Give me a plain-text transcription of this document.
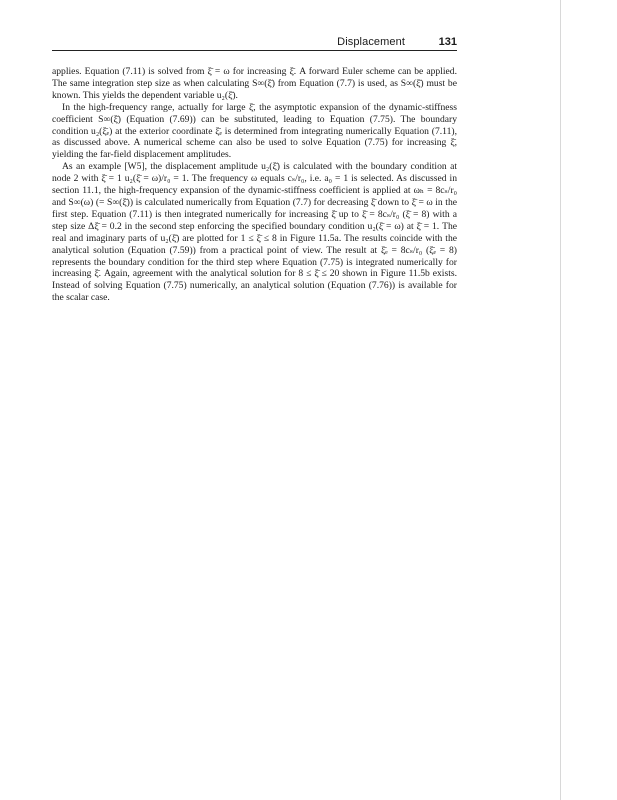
Displacement	131

applies. Equation (7.11) is solved from ξ̄ = ω for increasing ξ̄. A forward Euler scheme can be applied. The same integration step size as when calculating S∞(ξ̄) from Equation (7.7) is used, as S∞(ξ̄) must be known. This yields the dependent variable u₂(ξ̄).

In the high-frequency range, actually for large ξ̄, the asymptotic expansion of the dynamic-stiffness coefficient S∞(ξ̄) (Equation (7.69)) can be substituted, leading to Equation (7.75). The boundary condition u₂(ξ̄ₑ) at the exterior coordinate ξ̄ₑ is determined from integrating numerically Equation (7.11), as discussed above. A numerical scheme can also be used to solve Equation (7.75) for increasing ξ̄, yielding the far-field displacement amplitudes.

As an example [W5], the displacement amplitude u₂(ξ̄) is calculated with the boundary condition at node 2 with ξ̄ = 1 u₂(ξ̄ = ω)/r₀ = 1. The frequency ω equals cₛ/r₀, i.e. a₀ = 1 is selected. As discussed in section 11.1, the high-frequency expansion of the dynamic-stiffness coefficient is applied at ωₕ = 8cₛ/r₀ and S∞(ω) (= S∞(ξ̄)) is calculated numerically from Equation (7.7) for decreasing ξ̄ down to ξ̄ = ω in the first step. Equation (7.11) is then integrated numerically for increasing ξ̄ up to ξ̄ = 8cₛ/r₀ (ξ̄ = 8) with a step size Δξ̄ = 0.2 in the second step enforcing the specified boundary condition u₂(ξ̄ = ω) at ξ̄ = 1. The real and imaginary parts of u₂(ξ̄) are plotted for 1 ≤ ξ̄ ≤ 8 in Figure 11.5a. The results coincide with the analytical solution (Equation (7.59)) from a practical point of view. The result at ξ̄ₑ = 8cₛ/r₀ (ξ̄ₑ = 8) represents the boundary condition for the third step where Equation (7.75) is integrated numerically for increasing ξ̄. Again, agreement with the analytical solution for 8 ≤ ξ̄ ≤ 20 shown in Figure 11.5b exists. Instead of solving Equation (7.75) numerically, an analytical solution (Equation (7.76)) is available for the scalar case.
